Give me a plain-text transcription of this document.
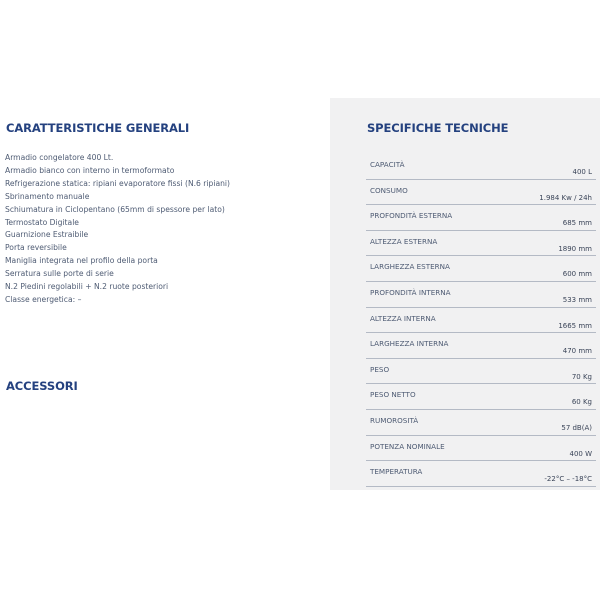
CARATTERISTICHE GENERALI
Armadio congelatore 400 Lt.
Armadio bianco con interno in termoformato
Refrigerazione statica: ripiani evaporatore fissi (N.6 ripiani)
Sbrinamento manuale
Schiumatura in Ciclopentano (65mm di spessore per lato)
Termostato Digitale
Guarnizione Estraibile
Porta reversibile
Maniglia integrata nel profilo della porta
Serratura sulle porte di serie
N.2 Piedini regolabili + N.2 ruote posteriori
Classe energetica: –
ACCESSORI
SPECIFICHE TECNICHE
CAPACITÀ
400 L
CONSUMO
1.984 Kw / 24h
PROFONDITÀ ESTERNA
685 mm
ALTEZZA ESTERNA
1890 mm
LARGHEZZA ESTERNA
600 mm
PROFONDITÀ INTERNA
533 mm
ALTEZZA INTERNA
1665 mm
LARGHEZZA INTERNA
470 mm
PESO
70 Kg
PESO NETTO
60 Kg
RUMOROSITÀ
57 dB(A)
POTENZA NOMINALE
400 W
TEMPERATURA
-22°C – -18°C
